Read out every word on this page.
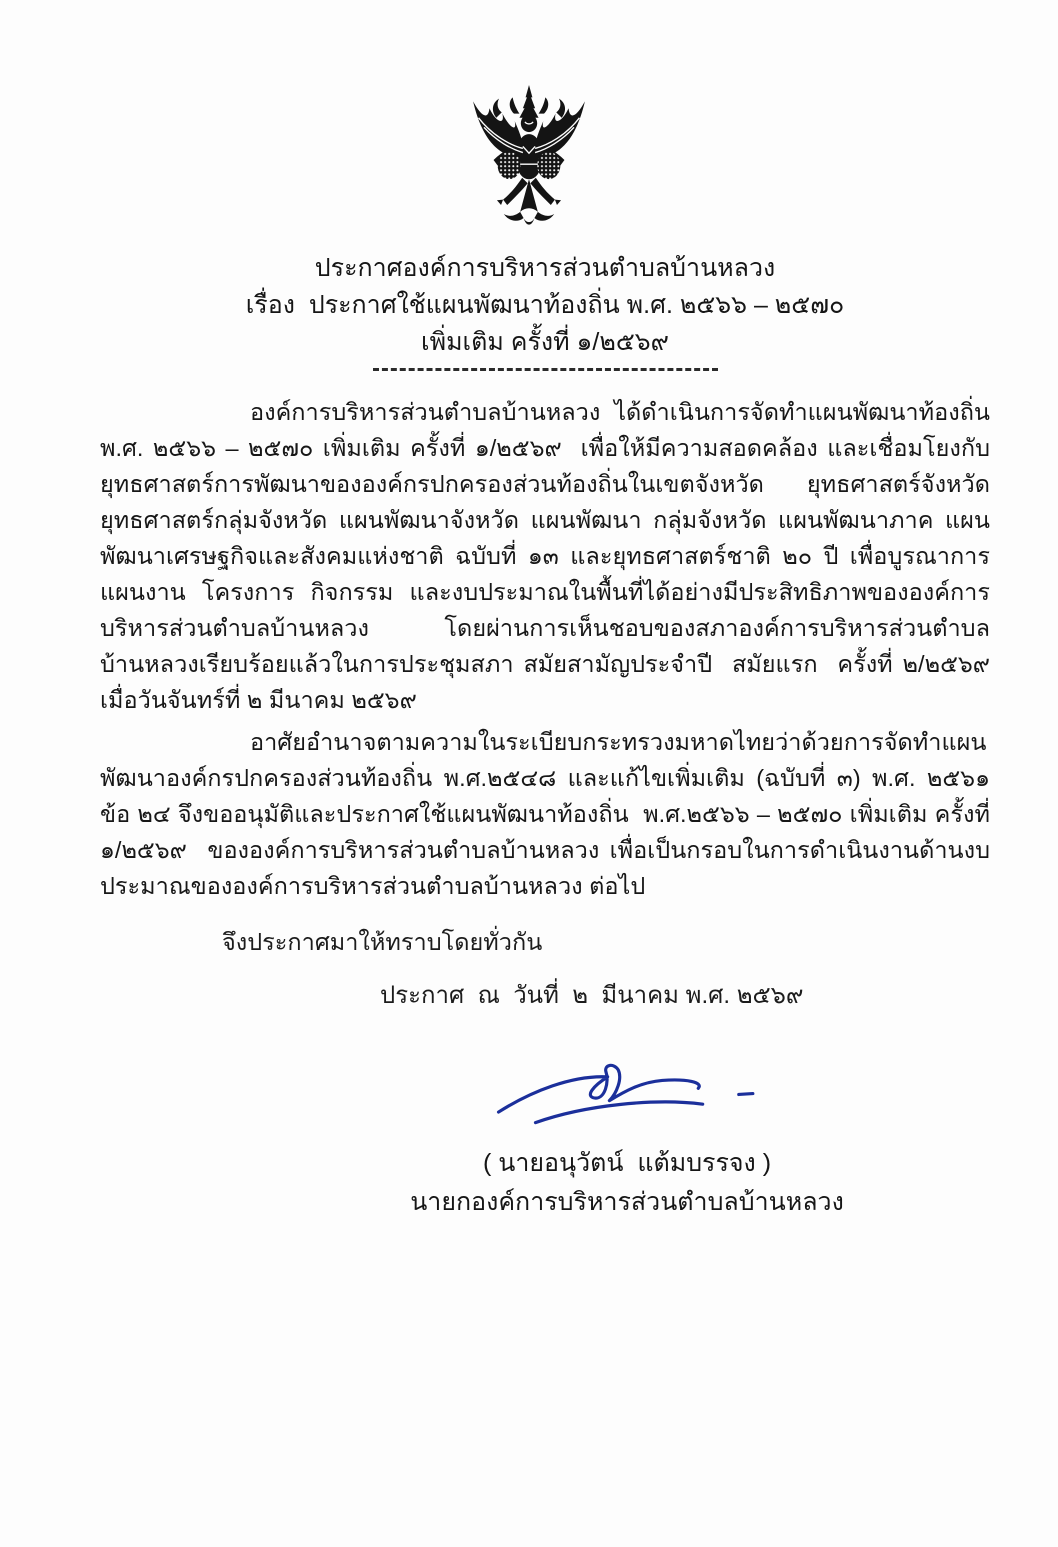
ประกาศองค์การบริหารส่วนตำบลบ้านหลวง
เรื่อง  ประกาศใช้แผนพัฒนาท้องถิ่น พ.ศ. ๒๕๖๖ – ๒๕๗๐
เพิ่มเติม ครั้งที่ ๑/๒๕๖๙

องค์การบริหารส่วนตำบลบ้านหลวง ได้ดำเนินการจัดทำแผนพัฒนาท้องถิ่น พ.ศ. ๒๕๖๖ – ๒๕๗๐ เพิ่มเติม ครั้งที่ ๑/๒๕๖๙  เพื่อให้มีความสอดคล้อง และเชื่อมโยงกับยุทธศาสตร์การพัฒนาขององค์กรปกครองส่วนท้องถิ่นในเขตจังหวัด ยุทธศาสตร์จังหวัด ยุทธศาสตร์กลุ่มจังหวัด แผนพัฒนาจังหวัด แผนพัฒนา กลุ่มจังหวัด แผนพัฒนาภาค แผนพัฒนาเศรษฐกิจและสังคมแห่งชาติ ฉบับที่ ๑๓ และยุทธศาสตร์ชาติ ๒๐ ปี เพื่อบูรณาการแผนงาน โครงการ กิจกรรม และงบประมาณในพื้นที่ได้อย่างมีประสิทธิภาพขององค์การบริหารส่วนตำบลบ้านหลวง โดยผ่านการเห็นชอบของสภาองค์การบริหารส่วนตำบลบ้านหลวงเรียบร้อยแล้วในการประชุมสภา สมัยสามัญประจำปี  สมัยแรก  ครั้งที่ ๒/๒๕๖๙ เมื่อวันจันทร์ที่ ๒ มีนาคม ๒๕๖๙

อาศัยอำนาจตามความในระเบียบกระทรวงมหาดไทยว่าด้วยการจัดทำแผนพัฒนาองค์กรปกครองส่วนท้องถิ่น พ.ศ.๒๕๔๘ และแก้ไขเพิ่มเติม (ฉบับที่ ๓) พ.ศ. ๒๕๖๑ ข้อ ๒๔ จึงขออนุมัติและประกาศใช้แผนพัฒนาท้องถิ่น  พ.ศ.๒๕๖๖ – ๒๕๗๐ เพิ่มเติม ครั้งที่ ๑/๒๕๖๙  ขององค์การบริหารส่วนตำบลบ้านหลวง เพื่อเป็นกรอบในการดำเนินงานด้านงบประมาณขององค์การบริหารส่วนตำบลบ้านหลวง ต่อไป

จึงประกาศมาให้ทราบโดยทั่วกัน
ประกาศ  ณ  วันที่  ๒  มีนาคม พ.ศ. ๒๕๖๙
( นายอนุวัตน์  แต้มบรรจง )
นายกองค์การบริหารส่วนตำบลบ้านหลวง
